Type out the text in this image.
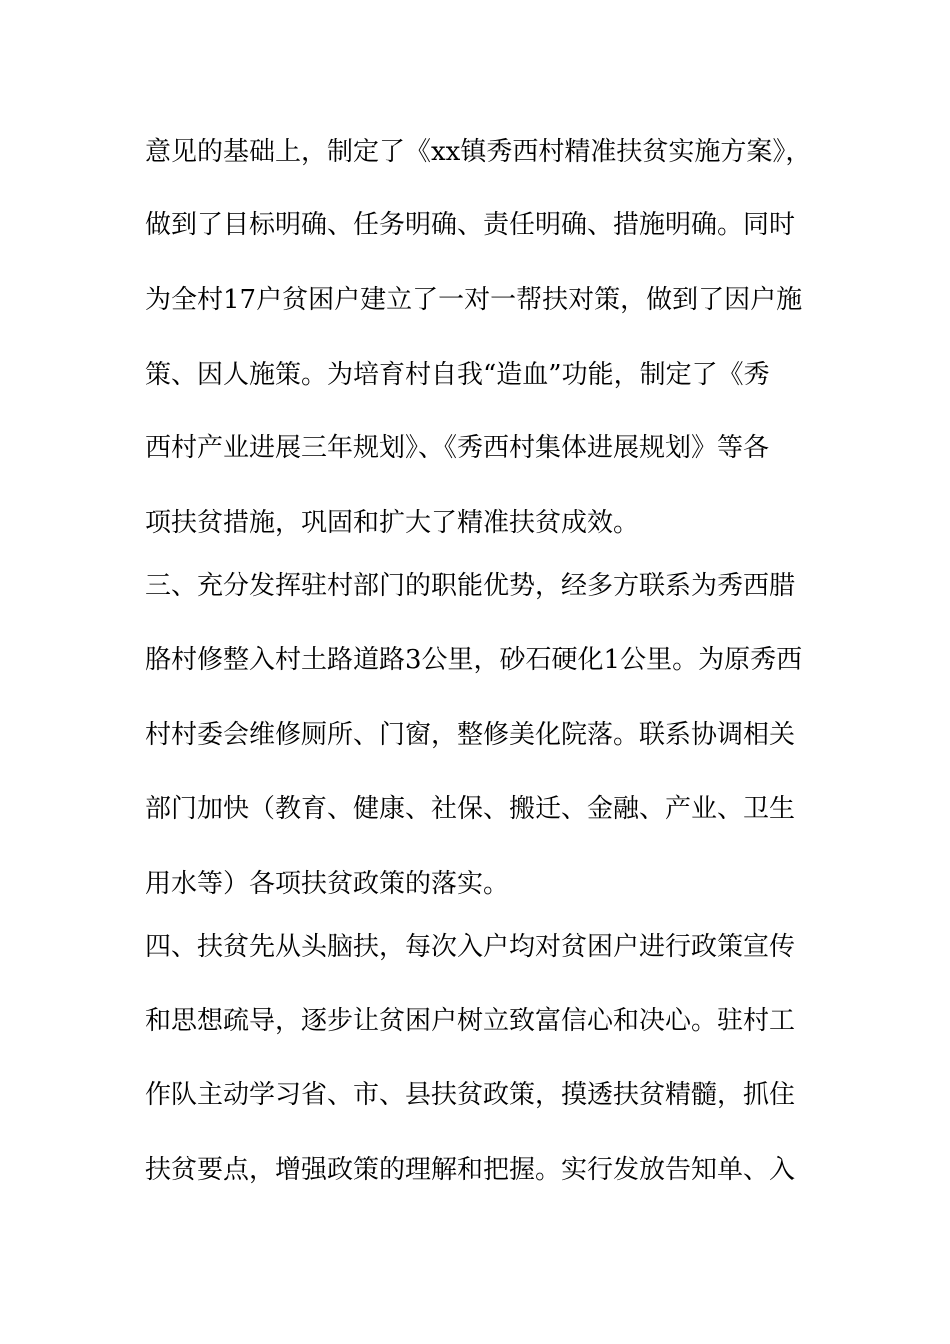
意见的基础上，制定了《xx镇秀西村精准扶贫实施方案》，
做到了目标明确、任务明确、责任明确、措施明确。同时
为全村17户贫困户建立了一对一帮扶对策，做到了因户施
策、因人施策。为培育村自我“造血”功能，制定了《秀
西村产业进展三年规划》、《秀西村集体进展规划》等各
项扶贫措施，巩固和扩大了精准扶贫成效。
三、充分发挥驻村部门的职能优势，经多方联系为秀西腊
胳村修整入村土路道路3公里，砂石硬化1公里。为原秀西
村村委会维修厕所、门窗，整修美化院落。联系协调相关
部门加快（教育、健康、社保、搬迁、金融、产业、卫生
用水等）各项扶贫政策的落实。
四、扶贫先从头脑扶，每次入户均对贫困户进行政策宣传
和思想疏导，逐步让贫困户树立致富信心和决心。驻村工
作队主动学习省、市、县扶贫政策，摸透扶贫精髓，抓住
扶贫要点，增强政策的理解和把握。实行发放告知单、入
